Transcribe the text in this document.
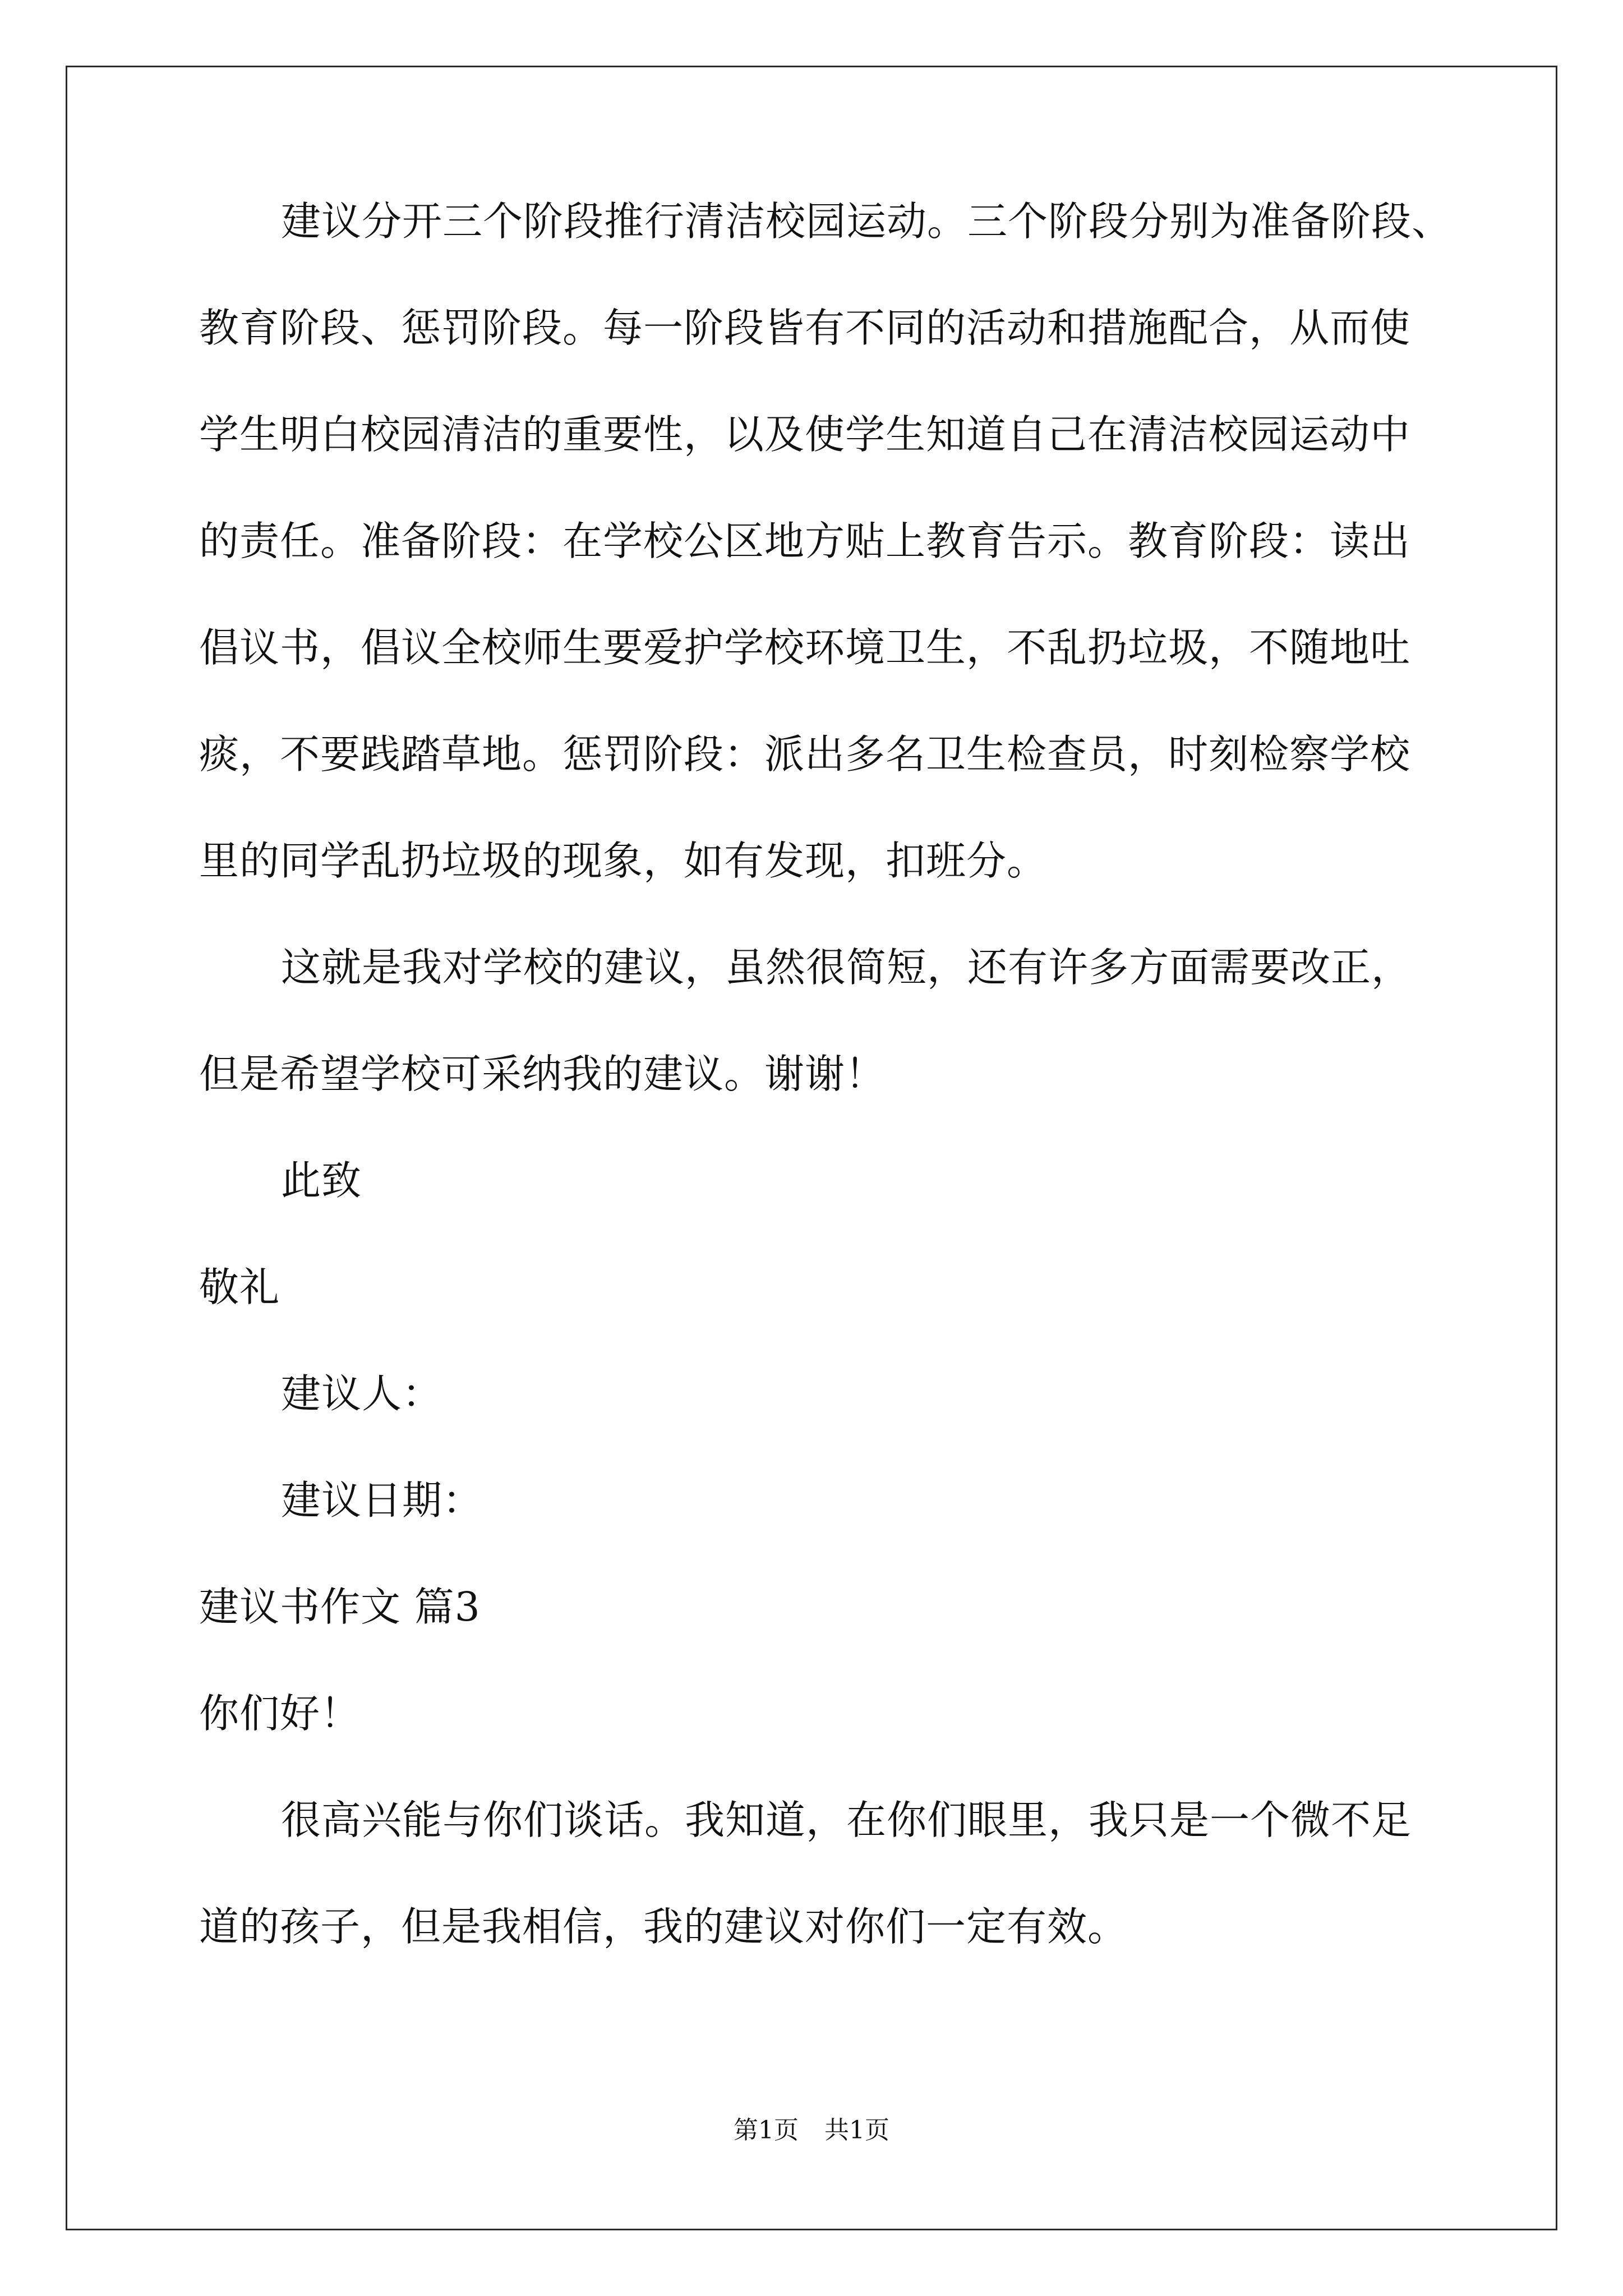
建议分开三个阶段推行清洁校园运动。三个阶段分别为准备阶段、
教育阶段、惩罚阶段。每一阶段皆有不同的活动和措施配合，从而使
学生明白校园清洁的重要性，以及使学生知道自己在清洁校园运动中
的责任。准备阶段：在学校公区地方贴上教育告示。教育阶段：读出
倡议书，倡议全校师生要爱护学校环境卫生，不乱扔垃圾，不随地吐
痰，不要践踏草地。惩罚阶段：派出多名卫生检查员，时刻检察学校
里的同学乱扔垃圾的现象，如有发现，扣班分。
这就是我对学校的建议，虽然很简短，还有许多方面需要改正，
但是希望学校可采纳我的建议。谢谢！
此致
敬礼
建议人：
建议日期：
建议书作文 篇3
你们好！
很高兴能与你们谈话。我知道，在你们眼里，我只是一个微不足
道的孩子，但是我相信，我的建议对你们一定有效。
第1页 共1页
